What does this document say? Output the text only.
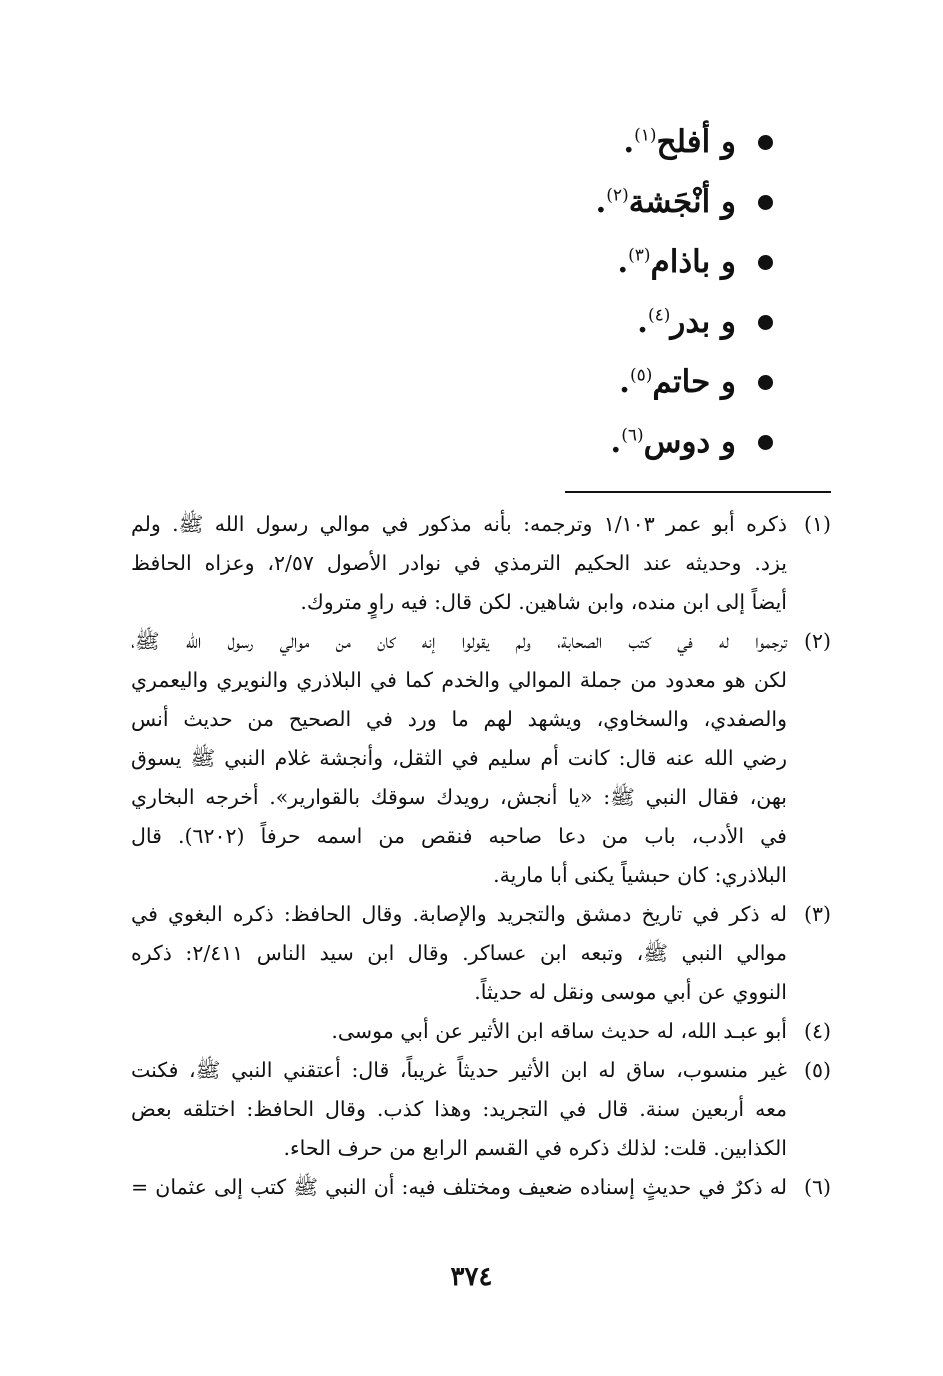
و أفلح$^{(١)}$.
و أنْجَشة$^{(٢)}$.
و باذام$^{(٣)}$.
و بدر$^{(٤)}$.
و حاتم$^{(٥)}$.
و دوس$^{(٦)}$.
(١)
ذكره أبو عمر ١/١٠٣ وترجمه: بأنه مذكور في موالي رسول الله ﷺ. ولم
يزد. وحديثه عند الحكيم الترمذي في نوادر الأصول ٢/٥٧، وعزاه الحافظ
أيضاً إلى ابن منده، وابن شاهين. لكن قال: فيه راوٍ متروك.
(٢)
ترجموا له في كتب الصحابة، ولم يقولوا إنه كان من موالي رسول الله ﷺ،
لكن هو معدود من جملة الموالي والخدم كما في البلاذري والنويري واليعمري
والصفدي، والسخاوي، ويشهد لهم ما ورد في الصحيح من حديث أنس
رضي الله عنه قال: كانت أم سليم في الثقل، وأنجشة غلام النبي ﷺ يسوق
بهن، فقال النبي ﷺ: «يا أنجش، رويدك سوقك بالقوارير». أخرجه البخاري
في الأدب، باب من دعا صاحبه فنقص من اسمه حرفاً (٦٢٠٢). قال
البلاذري: كان حبشياً يكنى أبا مارية.
(٣)
له ذكر في تاريخ دمشق والتجريد والإصابة. وقال الحافظ: ذكره البغوي في
موالي النبي ﷺ، وتبعه ابن عساكر. وقال ابن سيد الناس ٢/٤١١: ذكره
النووي عن أبي موسى ونقل له حديثاً.
(٤)
أبو عبـد الله، له حديث ساقه ابن الأثير عن أبي موسى.
(٥)
غير منسوب، ساق له ابن الأثير حديثاً غريباً، قال: أعتقني النبي ﷺ، فكنت
معه أربعين سنة. قال في التجريد: وهذا كذب. وقال الحافظ: اختلقه بعض
الكذابين. قلت: لذلك ذكره في القسم الرابع من حرف الحاء.
(٦)
له ذكرٌ في حديثٍ إسناده ضعيف ومختلف فيه: أن النبي ﷺ كتب إلى عثمان =
٣٧٤
